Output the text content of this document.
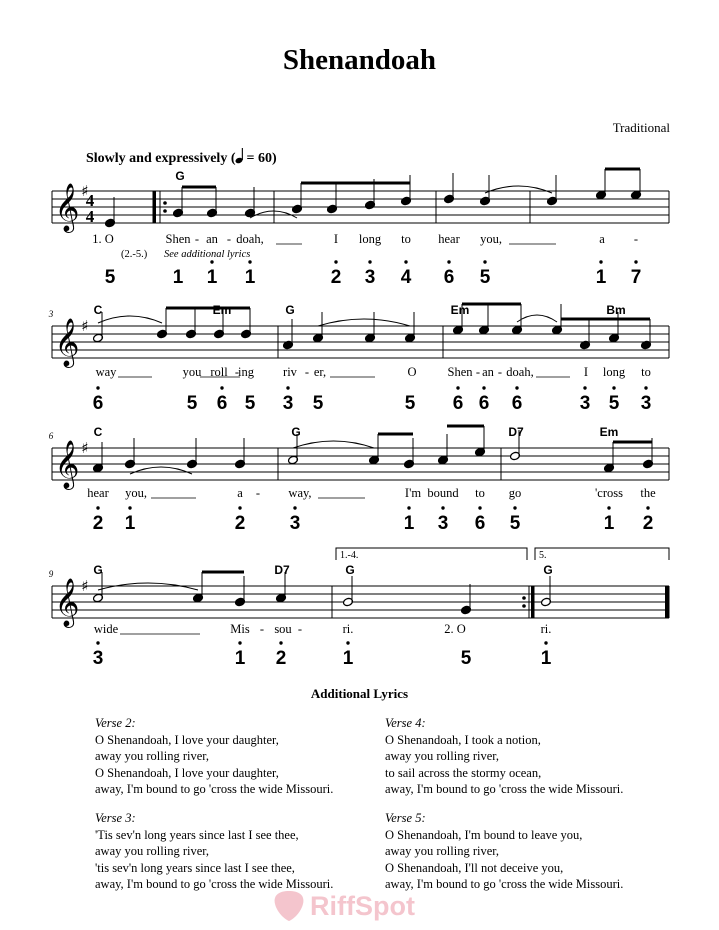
Shenandoah
Traditional
Slowly and expressively ( = 60)
𝄞 ♯
𝄞 ♯
3
𝄞 ♯
6
𝄞 ♯
9
4
4
1.-4.	5.
G
C	Em	G	Em	Bm
C	G	D7	Em
G	D7	G	G
1. O	Shen - an - doah,	I long to hear you,	a -
way	you roll -
ing riv - er,	O Shen - an - doah,	I long to
hear you,	a - way,	I'm bound to go	'cross the
wide	Mis - sou -	ri.	2. O	ri.
(2.-5.) See additional lyrics
5	1 1 1	2 3 4 6 5	1 7
6	5 6 5 3 5	5 6 6 6	3 5 3
2 1	2 3	1 3 6 5	1 2
3	1 2	1	5	1
Additional Lyrics
Verse 2:
O Shenandoah, I love your daughter,
away you rolling river,
O Shenandoah, I love your daughter,
away, I'm bound to go 'cross the wide Missouri.
Verse 3:
'Tis sev'n long years since last I see thee,
away you rolling river,
'tis sev'n long years since last I see thee,
away, I'm bound to go 'cross the wide Missouri.
Verse 4:
O Shenandoah, I took a notion,
away you rolling river,
to sail across the stormy ocean,
away, I'm bound to go 'cross the wide Missouri.
Verse 5:
O Shenandoah, I'm bound to leave you,
away you rolling river,
O Shenandoah, I'll not deceive you,
away, I'm bound to go 'cross the wide Missouri.
RiffSpot
